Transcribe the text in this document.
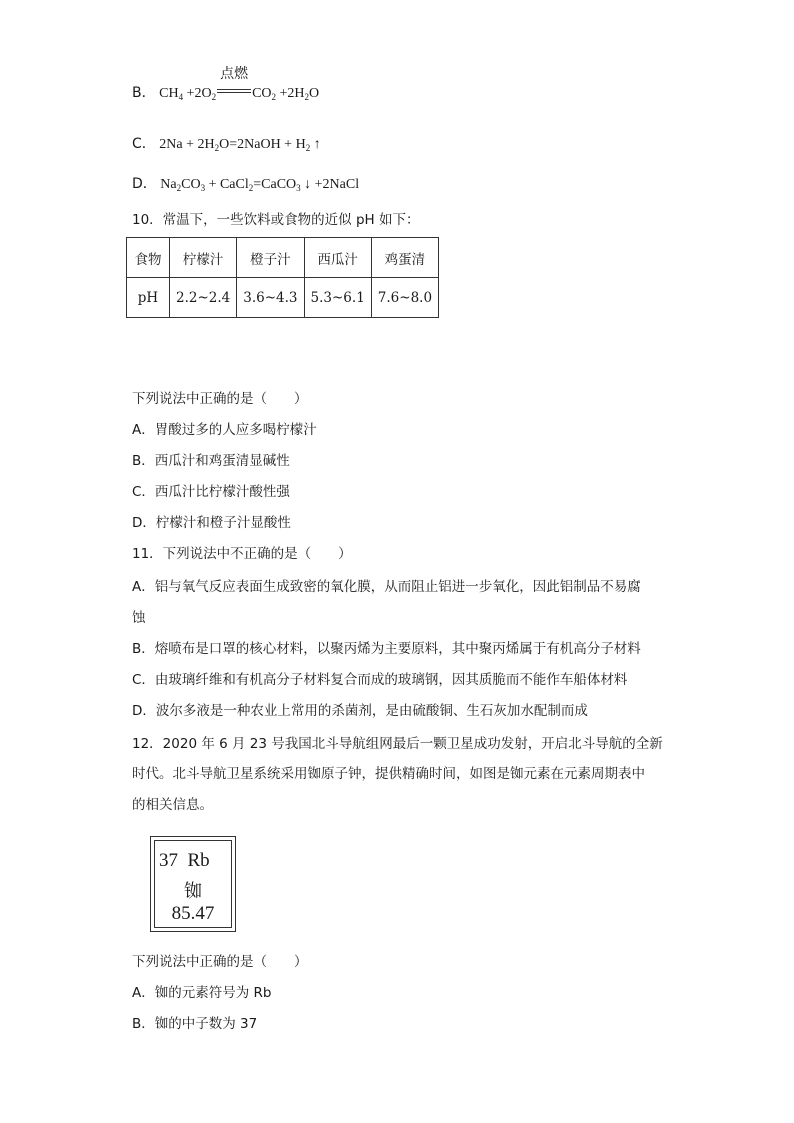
B． $CH_4 +2O_2$
点燃
$CO_2 +2H_2O$
C． $2Na + 2H_2O=2NaOH + H_2$ ↑
D． $Na_2CO_3$ + CaCl$_2$=CaCO$_3$ ↓ +2NaCl
10．常温下，一些饮料或食物的近似 pH 如下：
食物	柠檬汁	橙子汁	西瓜汁	鸡蛋清
pH	2.2~2.4	3.6~4.3	5.3~6.1	7.6~8.0
下列说法中正确的是（　　）
A．胃酸过多的人应多喝柠檬汁
B．西瓜汁和鸡蛋清显碱性
C．西瓜汁比柠檬汁酸性强
D．柠檬汁和橙子汁显酸性
11．下列说法中不正确的是（　　）
A．铝与氧气反应表面生成致密的氧化膜，从而阻止铝进一步氧化，因此铝制品不易腐
蚀
B．熔喷布是口罩的核心材料，以聚丙烯为主要原料，其中聚丙烯属于有机高分子材料
C．由玻璃纤维和有机高分子材料复合而成的玻璃钢，因其质脆而不能作车船体材料
D．波尔多液是一种农业上常用的杀菌剂，是由硫酸铜、生石灰加水配制而成
12．2020 年 6 月 23 号我国北斗导航组网最后一颗卫星成功发射，开启北斗导航的全新
时代。北斗导航卫星系统采用铷原子钟，提供精确时间，如图是铷元素在元素周期表中
的相关信息。
37 Rb
铷
85.47
下列说法中正确的是（　　）
A．铷的元素符号为 Rb
B．铷的中子数为 37
